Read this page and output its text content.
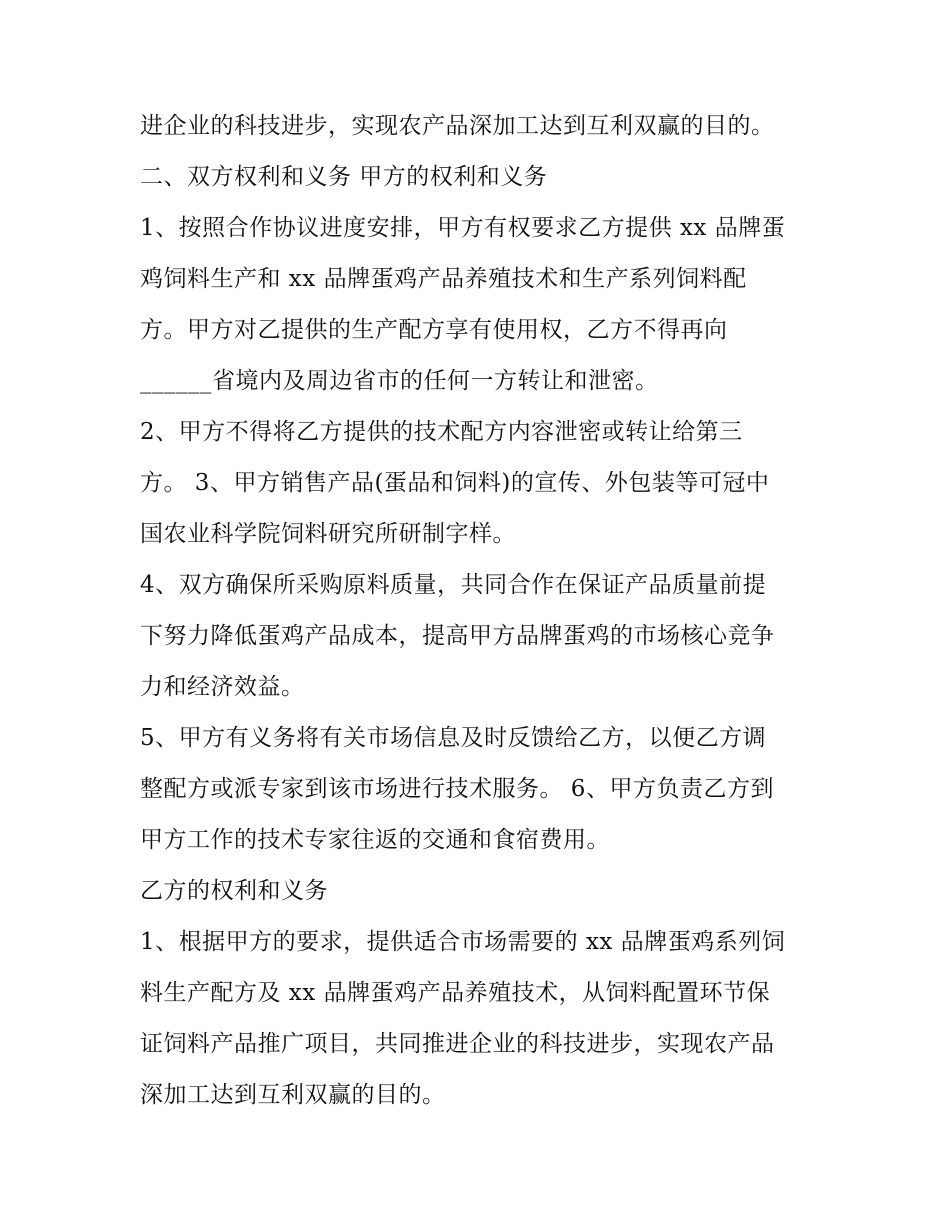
进企业的科技进步，实现农产品深加工达到互利双赢的目的。
二、双方权利和义务 甲方的权利和义务
1、按照合作协议进度安排，甲方有权要求乙方提供 xx 品牌蛋
鸡饲料生产和 xx 品牌蛋鸡产品养殖技术和生产系列饲料配
方。甲方对乙提供的生产配方享有使用权，乙方不得再向
______省境内及周边省市的任何一方转让和泄密。
2、甲方不得将乙方提供的技术配方内容泄密或转让给第三
方。 3、甲方销售产品(蛋品和饲料)的宣传、外包装等可冠中
国农业科学院饲料研究所研制字样。
4、双方确保所采购原料质量，共同合作在保证产品质量前提
下努力降低蛋鸡产品成本，提高甲方品牌蛋鸡的市场核心竞争
力和经济效益。
5、甲方有义务将有关市场信息及时反馈给乙方，以便乙方调
整配方或派专家到该市场进行技术服务。 6、甲方负责乙方到
甲方工作的技术专家往返的交通和食宿费用。
乙方的权利和义务
1、根据甲方的要求，提供适合市场需要的 xx 品牌蛋鸡系列饲
料生产配方及 xx 品牌蛋鸡产品养殖技术，从饲料配置环节保
证饲料产品推广项目，共同推进企业的科技进步，实现农产品
深加工达到互利双赢的目的。
